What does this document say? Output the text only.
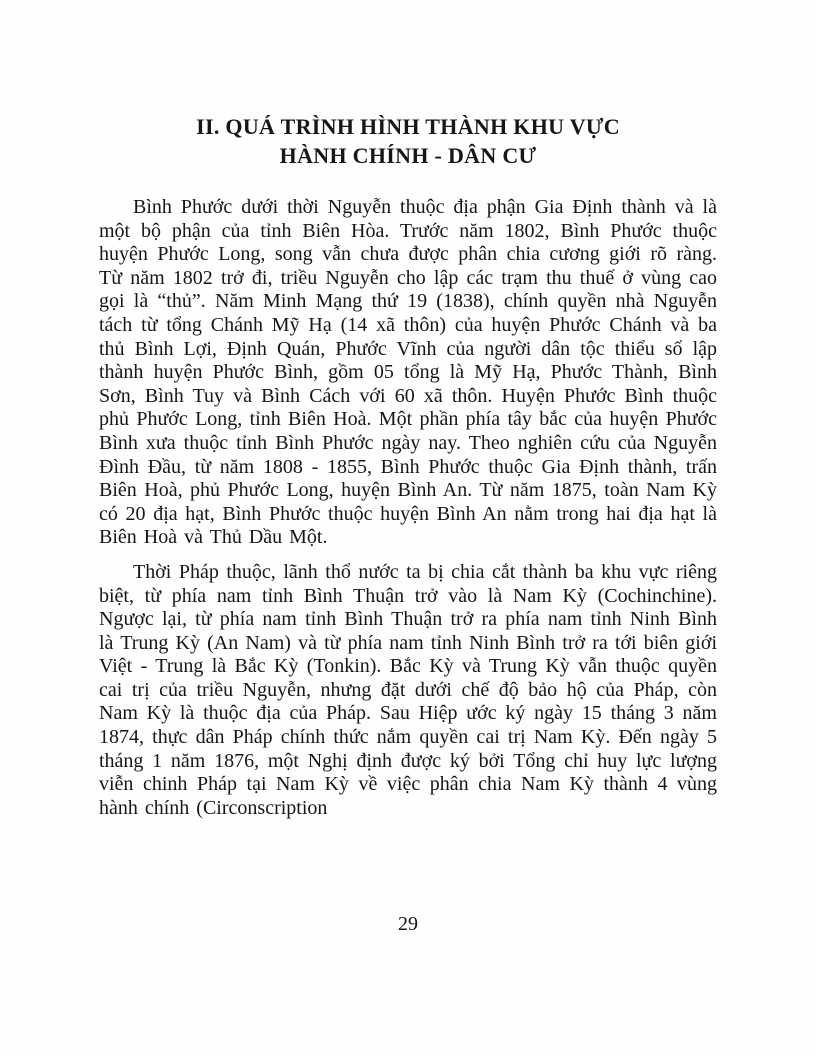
II. QUÁ TRÌNH HÌNH THÀNH KHU VỰC
HÀNH CHÍNH - DÂN CƯ

Bình Phước dưới thời Nguyễn thuộc địa phận Gia Định thành và là một bộ phận của tỉnh Biên Hòa. Trước năm 1802, Bình Phước thuộc huyện Phước Long, song vẫn chưa được phân chia cương giới rõ ràng. Từ năm 1802 trở đi, triều Nguyễn cho lập các trạm thu thuế ở vùng cao gọi là “thủ”. Năm Minh Mạng thứ 19 (1838), chính quyền nhà Nguyễn tách từ tổng Chánh Mỹ Hạ (14 xã thôn) của huyện Phước Chánh và ba thủ Bình Lợi, Định Quán, Phước Vĩnh của người dân tộc thiểu số lập thành huyện Phước Bình, gồm 05 tổng là Mỹ Hạ, Phước Thành, Bình Sơn, Bình Tuy và Bình Cách với 60 xã thôn. Huyện Phước Bình thuộc phủ Phước Long, tỉnh Biên Hoà. Một phần phía tây bắc của huyện Phước Bình xưa thuộc tỉnh Bình Phước ngày nay. Theo nghiên cứu của Nguyễn Đình Đầu, từ năm 1808 - 1855, Bình Phước thuộc Gia Định thành, trấn Biên Hoà, phủ Phước Long, huyện Bình An. Từ năm 1875, toàn Nam Kỳ có 20 địa hạt, Bình Phước thuộc huyện Bình An nằm trong hai địa hạt là Biên Hoà và Thủ Dầu Một.

Thời Pháp thuộc, lãnh thổ nước ta bị chia cắt thành ba khu vực riêng biệt, từ phía nam tỉnh Bình Thuận trở vào là Nam Kỳ (Cochinchine). Ngược lại, từ phía nam tỉnh Bình Thuận trở ra phía nam tỉnh Ninh Bình là Trung Kỳ (An Nam) và từ phía nam tỉnh Ninh Bình trở ra tới biên giới Việt - Trung là Bắc Kỳ (Tonkin). Bắc Kỳ và Trung Kỳ vẫn thuộc quyền cai trị của triều Nguyễn, nhưng đặt dưới chế độ bảo hộ của Pháp, còn Nam Kỳ là thuộc địa của Pháp. Sau Hiệp ước ký ngày 15 tháng 3 năm 1874, thực dân Pháp chính thức nắm quyền cai trị Nam Kỳ. Đến ngày 5 tháng 1 năm 1876, một Nghị định được ký bởi Tổng chỉ huy lực lượng viễn chinh Pháp tại Nam Kỳ về việc phân chia Nam Kỳ thành 4 vùng hành chính (Circonscription

29
